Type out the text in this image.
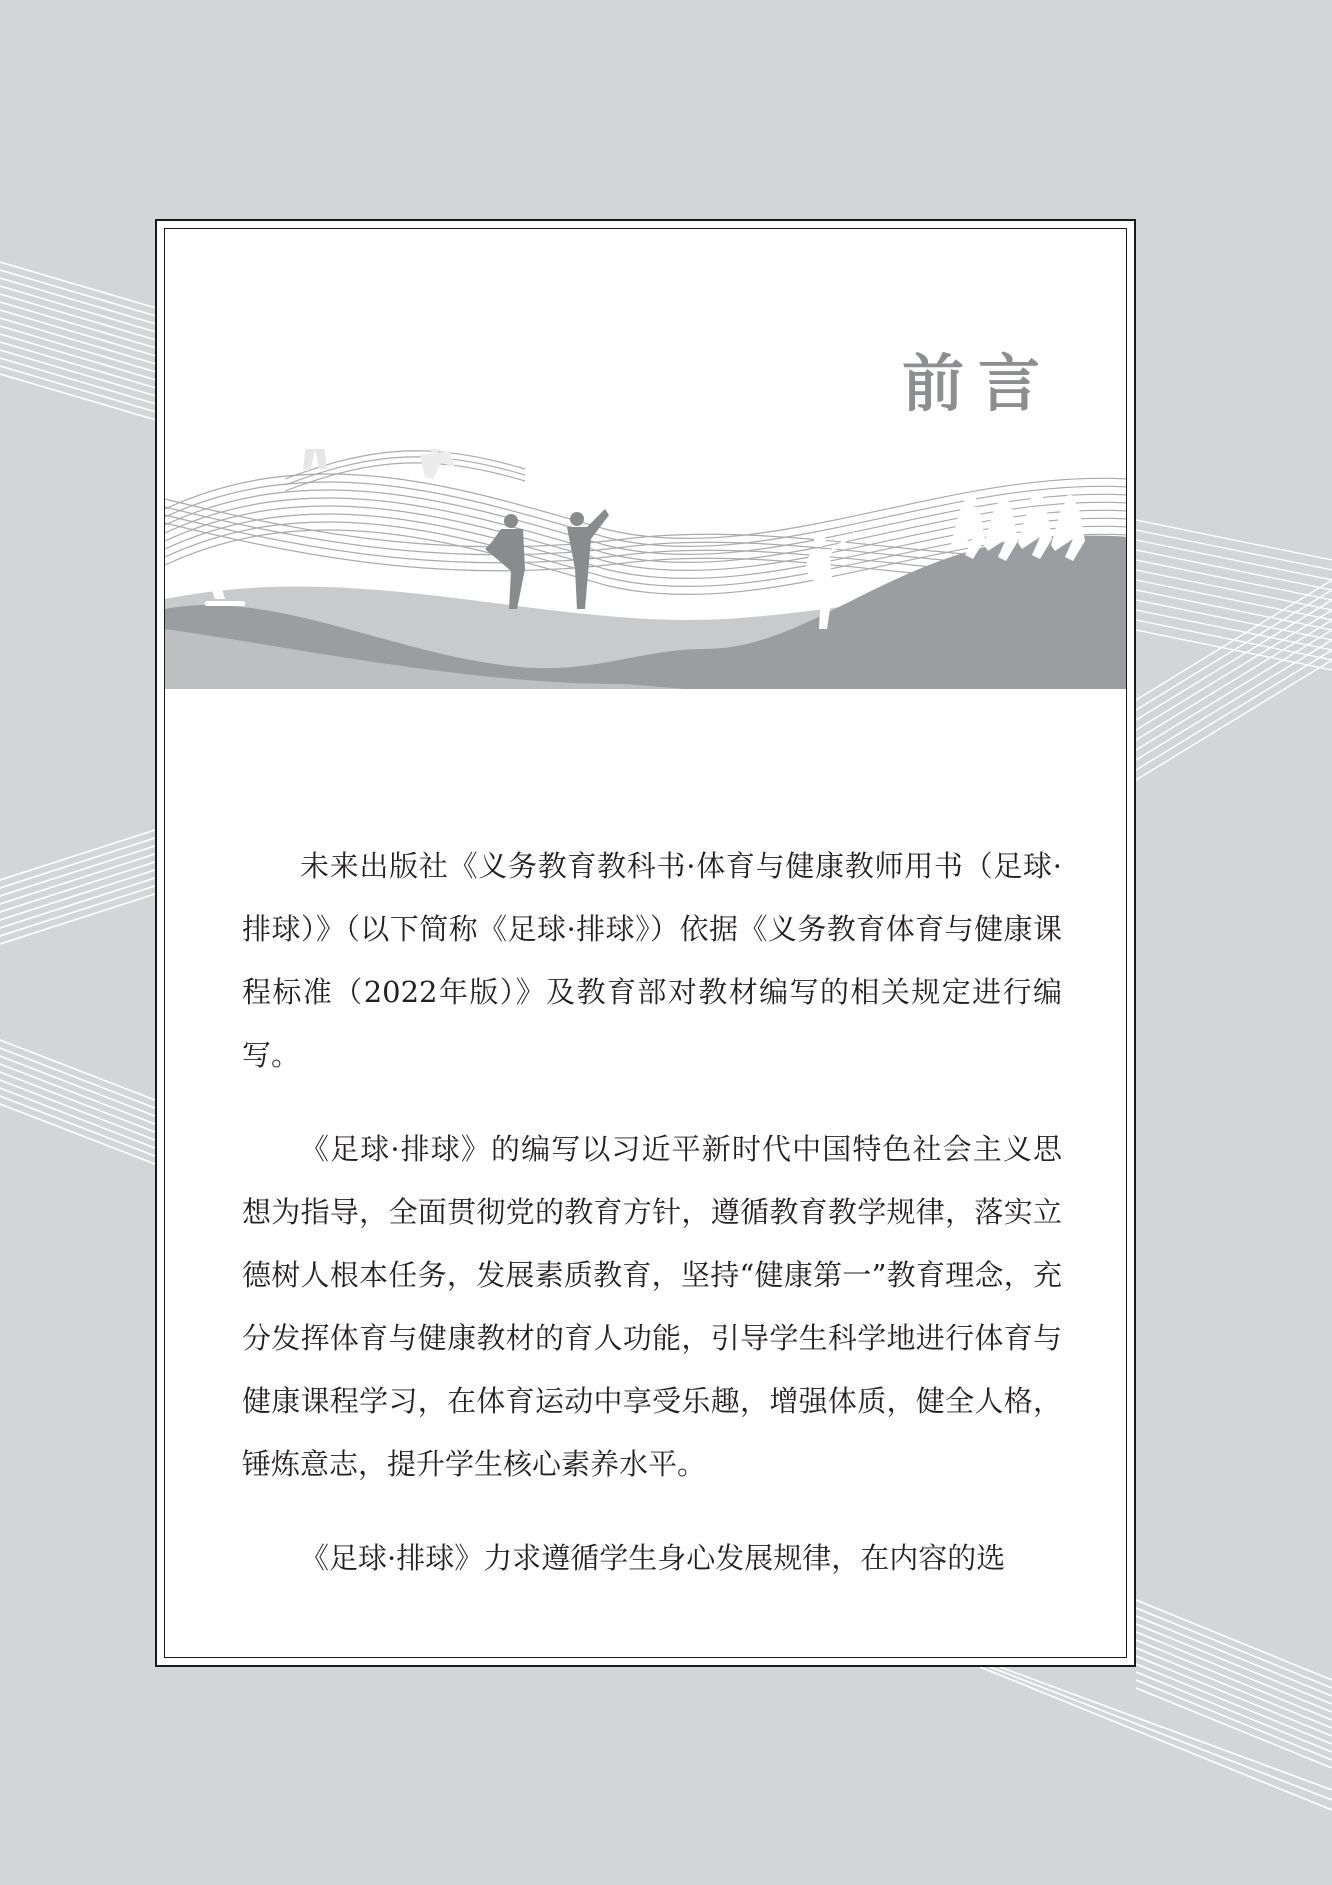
前言

未来出版社《义务教育教科书·体育与健康教师用书（足球·排球）》（以下简称《足球·排球》）依据《义务教育体育与健康课程标准（2022年版）》及教育部对教材编写的相关规定进行编写。

《足球·排球》的编写以习近平新时代中国特色社会主义思想为指导，全面贯彻党的教育方针，遵循教育教学规律，落实立德树人根本任务，发展素质教育，坚持“健康第一”教育理念，充分发挥体育与健康教材的育人功能，引导学生科学地进行体育与健康课程学习，在体育运动中享受乐趣，增强体质，健全人格，锤炼意志，提升学生核心素养水平。

《足球·排球》力求遵循学生身心发展规律，在内容的选
